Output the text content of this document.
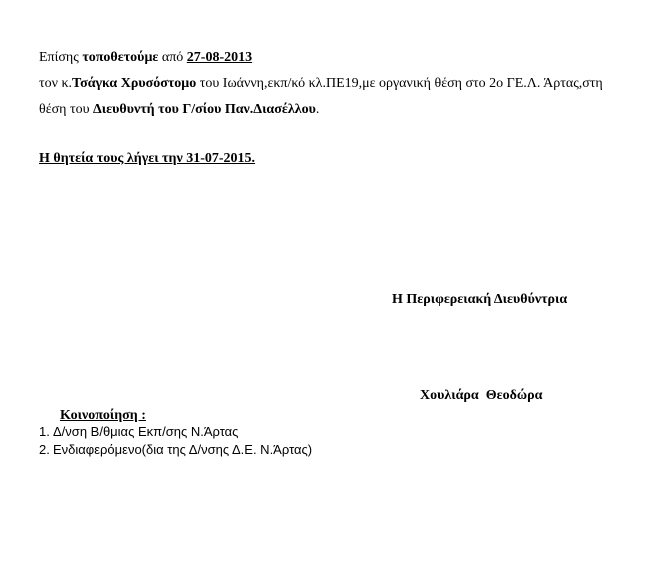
Επίσης τοποθετούμε από 27-08-2013
τον κ.Τσάγκα Χρυσόστομο του Ιωάννη,εκπ/κό κλ.ΠΕ19,με οργανική θέση στο 2ο ΓΕ.Λ. Άρτας,στη
θέση του Διευθυντή του Γ/σίου Παν.Διασέλλου.
Η θητεία τους λήγει την 31-07-2015.
Η Περιφερειακή Διευθύντρια
Χουλιάρα  Θεοδώρα
Κοινοποίηση :
1. Δ/νση Β/θμιας Εκπ/σης Ν.Άρτας
2. Ενδιαφερόμενο(δια της Δ/νσης Δ.Ε. Ν.Άρτας)
